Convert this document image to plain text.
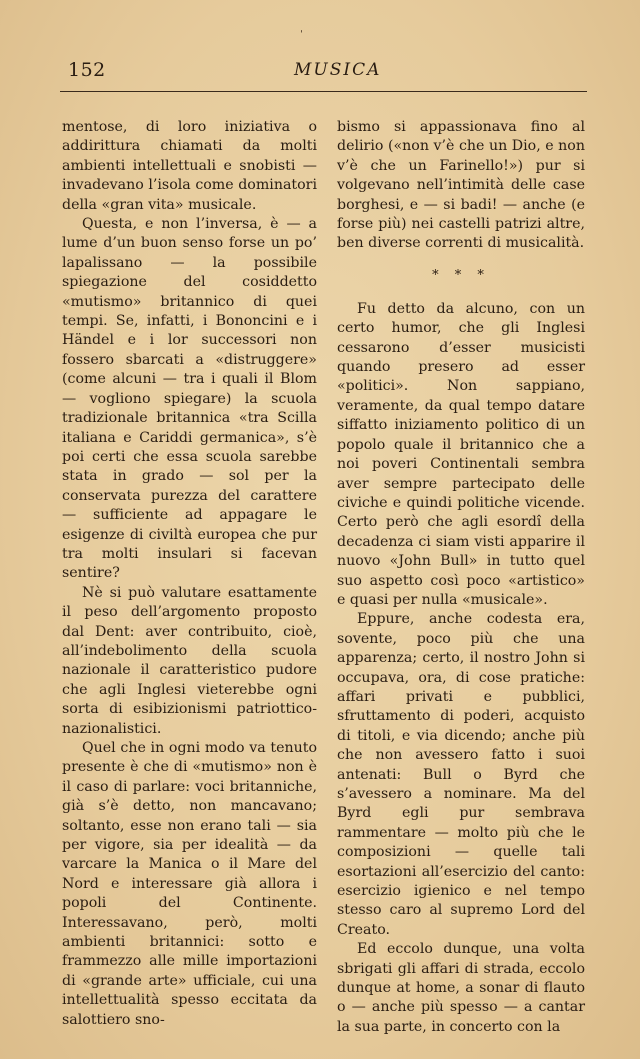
152	MUSICA
ˈ

mentose, di loro iniziativa o addirittura chiamati da molti ambienti intellettuali e snobisti — invadevano l’isola come dominatori della «gran vita» musicale.

Questa, e non l’inversa, è — a lume d’un buon senso forse un po’ lapalissano — la possibile spiegazione del cosiddetto «mutismo» britannico di quei tempi. Se, infatti, i Bononcini e i Händel e i lor successori non fossero sbarcati a «distruggere» (come alcuni — tra i quali il Blom — vogliono spiegare) la scuola tradizionale britannica «tra Scilla italiana e Cariddi germanica», s’è poi certi che essa scuola sarebbe stata in grado — sol per la conservata purezza del carattere — sufficiente ad appagare le esigenze di civiltà europea che pur tra molti insulari si facevan sentire?

Nè si può valutare esattamente il peso dell’argomento proposto dal Dent: aver contribuito, cioè, all’indebolimento della scuola nazionale il caratteristico pudore che agli Inglesi vieterebbe ogni sorta di esibizionismi patriottico-nazionalistici.

Quel che in ogni modo va tenuto presente è che di «mutismo» non è il caso di parlare: voci britanniche, già s’è detto, non mancavano; soltanto, esse non erano tali — sia per vigore, sia per idealità — da varcare la Manica o il Mare del Nord e interessare già allora i popoli del Continente. Interessavano, però, molti ambienti britannici: sotto e frammezzo alle mille importazioni di «grande arte» ufficiale, cui una intellettualità spesso eccitata da salottiero sno-

bismo si appassionava fino al delirio («non v’è che un Dio, e non v’è che un Farinello!») pur si volgevano nell’intimità delle case borghesi, e — si badi! — anche (e forse più) nei castelli patrizi altre, ben diverse correnti di musicalità.

* * *

Fu detto da alcuno, con un certo humor, che gli Inglesi cessarono d’esser musicisti quando presero ad esser «politici». Non sappiano, veramente, da qual tempo datare siffatto iniziamento politico di un popolo quale il britannico che a noi poveri Continentali sembra aver sempre partecipato delle civiche e quindi politiche vicende. Certo però che agli esordî della decadenza ci siam visti apparire il nuovo «John Bull» in tutto quel suo aspetto così poco «artistico» e quasi per nulla «musicale».

Eppure, anche codesta era, sovente, poco più che una apparenza; certo, il nostro John si occupava, ora, di cose pratiche: affari privati e pubblici, sfruttamento di poderi, acquisto di titoli, e via dicendo; anche più che non avessero fatto i suoi antenati: Bull o Byrd che s’avessero a nominare. Ma del Byrd egli pur sembrava rammentare — molto più che le composizioni — quelle tali esortazioni all’esercizio del canto: esercizio igienico e nel tempo stesso caro al supremo Lord del Creato.

Ed eccolo dunque, una volta sbrigati gli affari di strada, eccolo dunque at home, a sonar di flauto o — anche più spesso — a cantar la sua parte, in concerto con la
